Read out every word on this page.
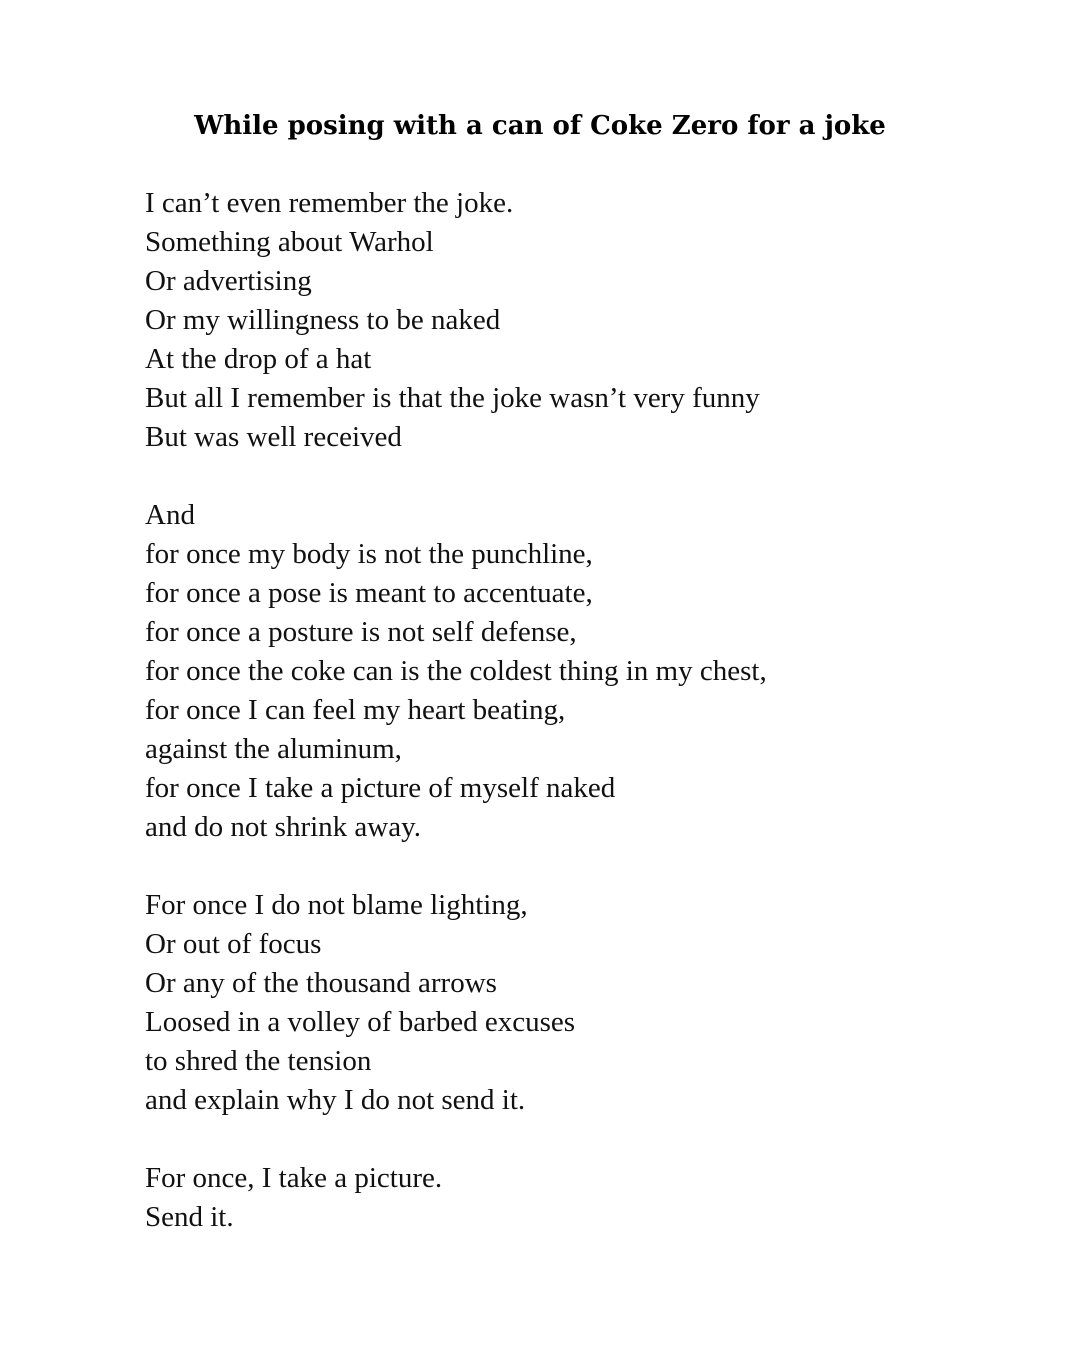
While posing with a can of Coke Zero for a joke

I can’t even remember the joke.
Something about Warhol
Or advertising
Or my willingness to be naked
At the drop of a hat
But all I remember is that the joke wasn’t very funny
But was well received

And
for once my body is not the punchline,
for once a pose is meant to accentuate,
for once a posture is not self defense,
for once the coke can is the coldest thing in my chest,
for once I can feel my heart beating,
against the aluminum,
for once I take a picture of myself naked
and do not shrink away.

For once I do not blame lighting,
Or out of focus
Or any of the thousand arrows
Loosed in a volley of barbed excuses
to shred the tension
and explain why I do not send it.

For once, I take a picture.
Send it.
